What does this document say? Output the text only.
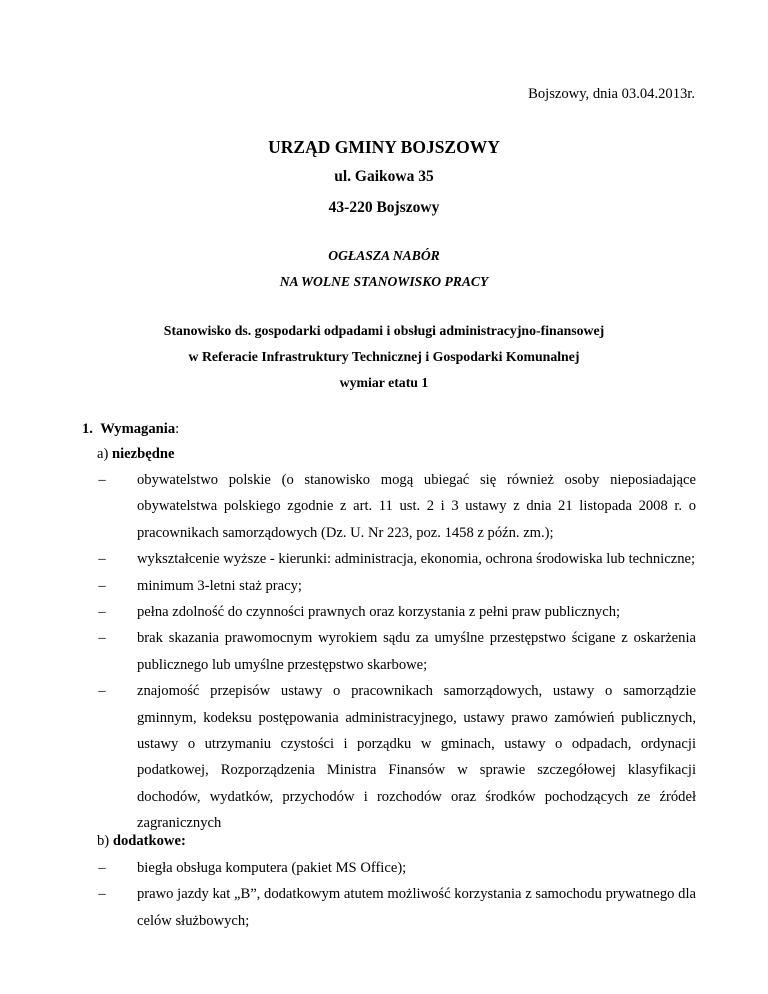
Bojszowy, dnia 03.04.2013r.
URZĄD GMINY BOJSZOWY
ul. Gaikowa 35
43-220 Bojszowy
OGŁASZA NABÓR
NA WOLNE STANOWISKO PRACY
Stanowisko ds. gospodarki odpadami i obsługi administracyjno-finansowej
w Referacie Infrastruktury Technicznej i Gospodarki Komunalnej
wymiar etatu 1
1. Wymagania:
a) niezbędne
–	obywatelstwo polskie (o stanowisko mogą ubiegać się również osoby nieposiadające obywatelstwa polskiego zgodnie z art. 11 ust. 2 i 3 ustawy z dnia 21 listopada 2008 r. o pracownikach samorządowych (Dz. U. Nr 223, poz. 1458 z późn. zm.);
–	wykształcenie wyższe - kierunki: administracja, ekonomia, ochrona środowiska lub techniczne;
–	minimum 3-letni staż pracy;
–	pełna zdolność do czynności prawnych oraz korzystania z pełni praw publicznych;
–	brak skazania prawomocnym wyrokiem sądu za umyślne przestępstwo ścigane z oskarżenia publicznego lub umyślne przestępstwo skarbowe;
–	znajomość przepisów ustawy o pracownikach samorządowych, ustawy o samorządzie gminnym, kodeksu postępowania administracyjnego, ustawy prawo zamówień publicznych, ustawy o utrzymaniu czystości i porządku w gminach, ustawy o odpadach, ordynacji podatkowej, Rozporządzenia Ministra Finansów w sprawie szczegółowej klasyfikacji dochodów, wydatków, przychodów i rozchodów oraz środków pochodzących ze źródeł zagranicznych
b) dodatkowe:
–	biegła obsługa komputera (pakiet MS Office);
–	prawo jazdy kat „B”, dodatkowym atutem możliwość korzystania z samochodu prywatnego dla celów służbowych;
